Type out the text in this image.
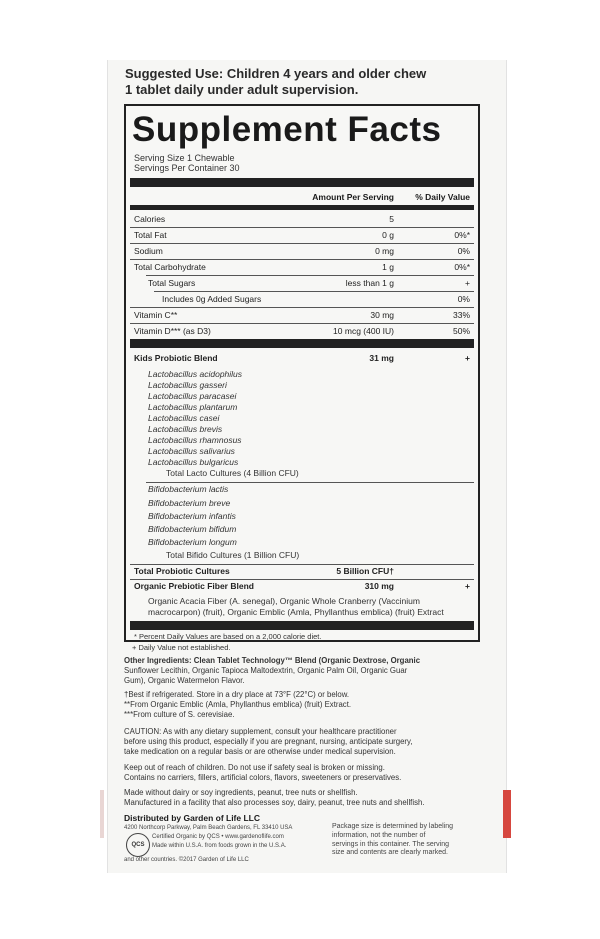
Suggested Use: Children 4 years and older chew
1 tablet daily under adult supervision.
Supplement Facts
Serving Size 1 Chewable
Servings Per Container 30
Amount Per Serving	% Daily Value
Calories	5
Total Fat	0 g	0%*
Sodium	0 mg	0%
Total Carbohydrate	1 g	0%*
Total Sugars	less than 1 g	+
Includes 0g Added Sugars	0%
Vitamin C**	30 mg	33%
Vitamin D*** (as D3)	10 mcg (400 IU)	50%
Kids Probiotic Blend	31 mg	+
Lactobacillus acidophilus
Lactobacillus gasseri
Lactobacillus paracasei
Lactobacillus plantarum
Lactobacillus casei
Lactobacillus brevis
Lactobacillus rhamnosus
Lactobacillus salivarius
Lactobacillus bulgaricus
Total Lacto Cultures (4 Billion CFU)
Bifidobacterium lactis
Bifidobacterium breve
Bifidobacterium infantis
Bifidobacterium bifidum
Bifidobacterium longum
Total Bifido Cultures (1 Billion CFU)
Total Probiotic Cultures	5 Billion CFU†
Organic Prebiotic Fiber Blend	310 mg	+
Organic Acacia Fiber (A. senegal), Organic Whole Cranberry (Vaccinium
macrocarpon) (fruit), Organic Emblic (Amla, Phyllanthus emblica) (fruit) Extract
* Percent Daily Values are based on a 2,000 calorie diet.
+ Daily Value not established.
Other Ingredients: Clean Tablet Technology™ Blend (Organic Dextrose, Organic
Sunflower Lecithin, Organic Tapioca Maltodextrin, Organic Palm Oil, Organic Guar
Gum), Organic Watermelon Flavor.
†Best if refrigerated. Store in a dry place at 73°F (22°C) or below.
**From Organic Emblic (Amla, Phyllanthus emblica) (fruit) Extract.
***From culture of S. cerevisiae.
CAUTION: As with any dietary supplement, consult your healthcare practitioner
before using this product, especially if you are pregnant, nursing, anticipate surgery,
take medication on a regular basis or are otherwise under medical supervision.
Keep out of reach of children. Do not use if safety seal is broken or missing.
Contains no carriers, fillers, artificial colors, flavors, sweeteners or preservatives.
Made without dairy or soy ingredients, peanut, tree nuts or shellfish.
Manufactured in a facility that also processes soy, dairy, peanut, tree nuts and shellfish.
Distributed by Garden of Life LLC
4200 Northcorp Parkway, Palm Beach Gardens, FL 33410 USA
QCS
Certified Organic by QCS • www.gardenoflife.com
Made within U.S.A. from foods grown in the U.S.A.
and other countries. ©2017 Garden of Life LLC
Package size is determined by labeling
information, not the number of
servings in this container. The serving
size and contents are clearly marked.
